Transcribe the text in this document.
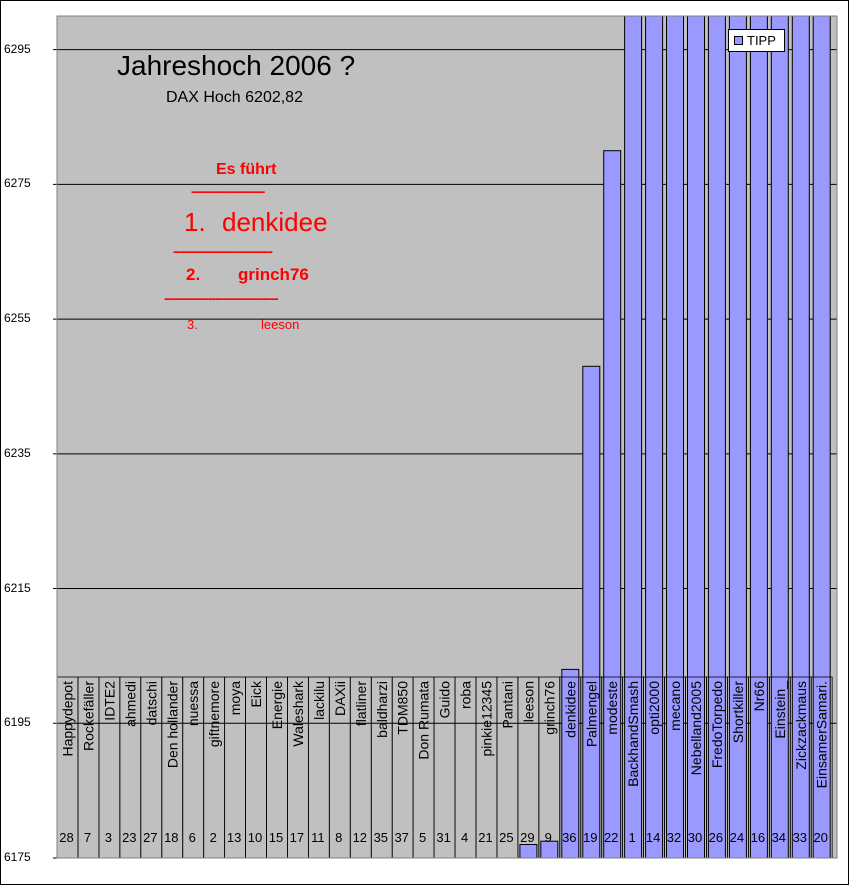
Happydepot
28
Rockefäller
7
IDTE2
3
ahmedi
23
datschi
27
Den hollander
18
nuessa
6
giftnemore
2
moya
13
Eick
10
Energie
15
Waleshark
17
lackilu
11
DAXii
8
flatliner
12
baldharzi
35
TDM850
37
Don Rumata
5
Guido
31
roba
4
pinkie12345
21
Pantani
25
leeson
29
grinch76
9
denkidee
36
Palmengel
19
modeste
22
BackhandSmash
1
opti2000
14
mecano
32
Nebelland2005
30
FredoTorpedo
26
Shortkiller
24
Nr66
16
Einstein_
34
Zickzackmaus
33
EinsamerSamari.
20
6175
6195
6215
6235
6255
6275
6295
Jahreshoch 2006 ?
DAX Hoch 6202,82
Es führt
--------------------
1. denkidee
---------------------------
2. grinch76
-------------------------------
3.	leeson
TIPP
